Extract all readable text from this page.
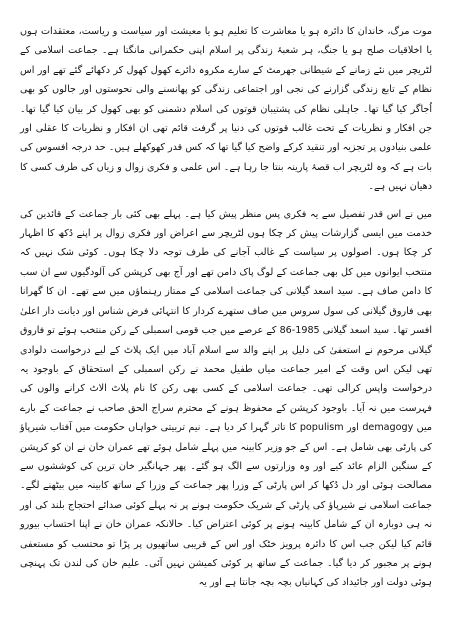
موت مرگ، خاندان کا دائرہ ہو یا معاشرت کا تعلیم ہو یا معیشت اور سیاست و ریاست، معتقدات ہوں یا اخلاقیات صلح ہو یا جنگ، ہر شعبۂ زندگی پر اسلام اپنی حکمرانی مانگتا ہے۔ جماعت اسلامی کے لٹریچر میں نئے زمانے کے شیطانی جھرمٹ کے سارے مکروہ دائرے کھول کھول کر دکھائے گئے تھے اور اس نظام کے تابع زندگی گزارنے کی نجی اور اجتماعی زندگی کو پھانسنے والی نحوستوں اور جالوں کو بھی اُجاگر کیا گیا تھا۔ جاہلی نظام کی پشتیبان قوتوں کی اسلام دشمنی کو بھی کھول کر بیان کیا گیا تھا۔ جن افکار و نظریات کے تحت غالب قوتوں کی دنیا پر گرفت قائم تھی ان افکار و نظریات کا عقلی اور علمی بنیادوں پر تجزیہ اور تنقید کرکے واضح کیا گیا تھا کہ کس قدر کھوکھلے ہیں۔ حد درجہ افسوس کی بات ہے کہ وہ لٹریچر اب قصۂ پارینہ بنتا جا رہا ہے۔ اس علمی و فکری زوال و زیاں کی طرف کسی کا دھیان نہیں ہے۔

میں نے اس قدر تفصیل سے یہ فکری پس منظر پیش کیا ہے۔ پہلے بھی کئی بار جماعت کے قائدین کی خدمت میں ایسی گزارشات پیش کر چکا ہوں لٹریچر سے اعراض اور فکری زوال پر اپنے دُکھ کا اظہار کر چکا ہوں۔ اصولوں پر سیاست کے غالب آجانے کی طرف توجہ دلا چکا ہوں۔ کوئی شک نہیں کہ منتخب ایوانوں میں کل بھی جماعت کے لوگ پاک دامن تھے اور آج بھی کرپشن کی آلودگیوں سے ان سب کا دامن صاف ہے۔ سید اسعد گیلانی کی جماعت اسلامی کے ممتاز رہنماؤں میں سے تھے۔ ان کا گھرانا بھی فاروق گیلانی کی سول سروس میں صاف ستھرے کردار کا انتہائی فرض شناس اور دیانت دار اعلیٰ افسر تھا۔ سید اسعد گیلانی 1985-86 کے عرصے میں جب قومی اسمبلی کے رکن منتخب ہوئے تو فاروق گیلانی مرحوم نے استعفیٰ کی دلیل پر اپنے والد سے اسلام آباد میں ایک پلاٹ کے لیے درخواست دلوادی تھی لیکن اس وقت کے امیر جماعت میاں طفیل محمد نے رکن اسمبلی کے استحقاق کے باوجود یہ درخواست واپس کرالی تھی۔ جماعت اسلامی کے کسی بھی رکن کا نام پلاٹ الاٹ کرانے والوں کی فہرست میں نہ آیا۔ باوجود کرپشن کے محفوظ ہونے کے محترم سراج الحق صاحب نے جماعت کے بارے میں demagogy اور populism کا تاثر گہرا کر دیا ہے۔ نیم تربیتی خواہاں حکومت میں آفتاب شیرپاؤ کی پارٹی بھی شامل ہے۔ اس کے جو وزیر کابینہ میں پہلے شامل ہوئے تھے عمران خان نے ان کو کرپشن کے سنگین الزام عائد کیے اور وہ وزارتوں سے الگ ہو گئے۔ پھر جہانگیر خان ترین کی کوششوں سے مصالحت ہوئی اور دل دُکھا کر اس پارٹی کے وزرا پھر جماعت کے وزرا کے ساتھ کابینہ میں بیٹھنے لگے۔ جماعت اسلامی نے شیرپاؤ کی پارٹی کے شریک حکومت ہونے پر نہ پہلے کوئی صدائے احتجاج بلند کی اور نہ ہی دوبارہ ان کے شامل کابینہ ہونے پر کوئی اعتراض کیا۔ حالانکہ عمران خان نے اپنا احتساب بیورو قائم کیا لیکن جب اس کا دائرہ پرویز خٹک اور اس کے قریبی ساتھیوں پر پڑا تو محتسب کو مستعفی ہونے پر مجبور کر دیا گیا۔ جماعت کے ساتھ پر کوئی کمیشن نہیں آئی۔ علیم خان کی لندن تک پہنچی ہوئی دولت اور جائیداد کی کہانیاں بچہ بچہ جانتا ہے اور یہ
